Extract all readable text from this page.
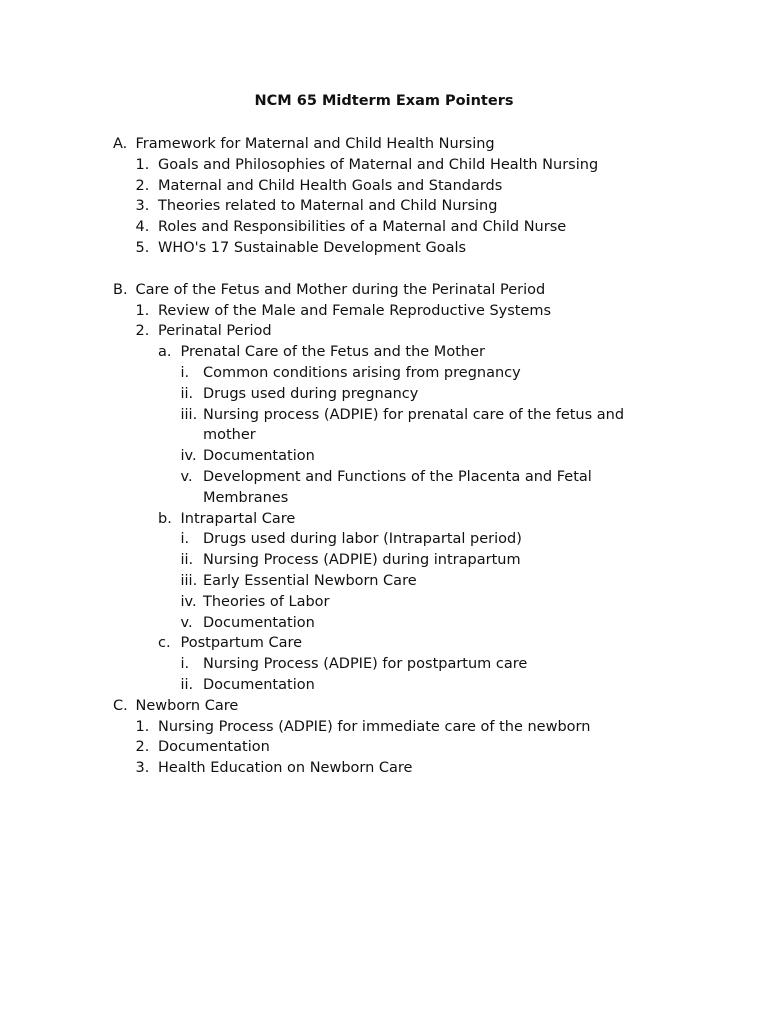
NCM 65 Midterm Exam Pointers
A. Framework for Maternal and Child Health Nursing
1. Goals and Philosophies of Maternal and Child Health Nursing
2. Maternal and Child Health Goals and Standards
3. Theories related to Maternal and Child Nursing
4. Roles and Responsibilities of a Maternal and Child Nurse
5. WHO's 17 Sustainable Development Goals
B. Care of the Fetus and Mother during the Perinatal Period
1. Review of the Male and Female Reproductive Systems
2. Perinatal Period
a. Prenatal Care of the Fetus and the Mother
i. Common conditions arising from pregnancy
ii. Drugs used during pregnancy
iii. Nursing process (ADPIE) for prenatal care of the fetus and mother
iv. Documentation
v. Development and Functions of the Placenta and Fetal Membranes
b. Intrapartal Care
i. Drugs used during labor (Intrapartal period)
ii. Nursing Process (ADPIE) during intrapartum
iii. Early Essential Newborn Care
iv. Theories of Labor
v. Documentation
c. Postpartum Care
i. Nursing Process (ADPIE) for postpartum care
ii. Documentation
C. Newborn Care
1. Nursing Process (ADPIE) for immediate care of the newborn
2. Documentation
3. Health Education on Newborn Care
